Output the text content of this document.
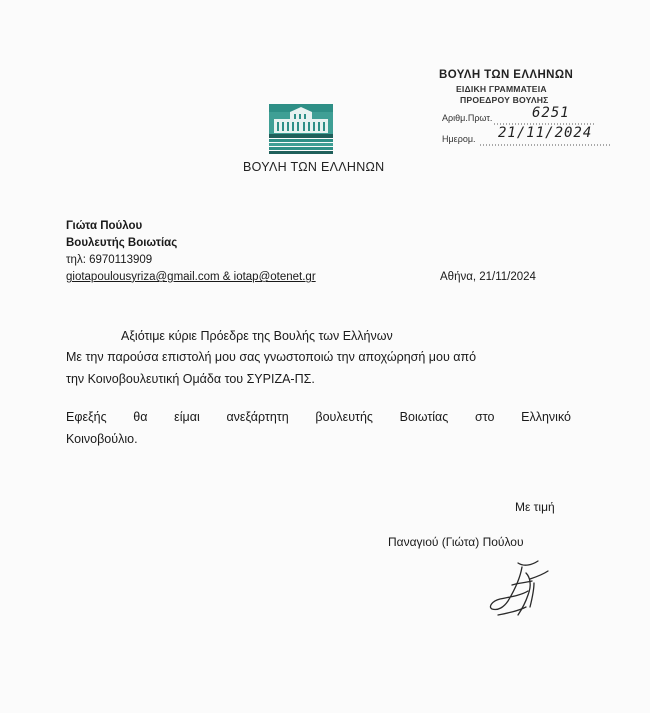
ΒΟΥΛΗ ΤΩΝ ΕΛΛΗΝΩΝ
ΕΙΔΙΚΗ ΓΡΑΜΜΑΤΕΙΑ
ΠΡΟΕΔΡΟΥ ΒΟΥΛΗΣ
Αριθμ.Πρωτ.	6251
Ημερομ. 21/11/2024
ΒΟΥΛΗ ΤΩΝ ΕΛΛΗΝΩΝ
Γιώτα Πούλου
Βουλευτής Βοιωτίας
τηλ: 6970113909
giotapoulousyriza@gmail.com & iotap@otenet.gr	Αθήνα, 21/11/2024
Αξιότιμε κύριε Πρόεδρε της Βουλής των Ελλήνων
Με την παρούσα επιστολή μου σας γνωστοποιώ την αποχώρησή μου από
την Κοινοβουλευτική Ομάδα του ΣΥΡΙΖΑ-ΠΣ.
Εφεξής θα είμαι ανεξάρτητη βουλευτής Βοιωτίας στο Ελληνικό
Κοινοβούλιο.
Με τιμή
Παναγιού (Γιώτα) Πούλου
